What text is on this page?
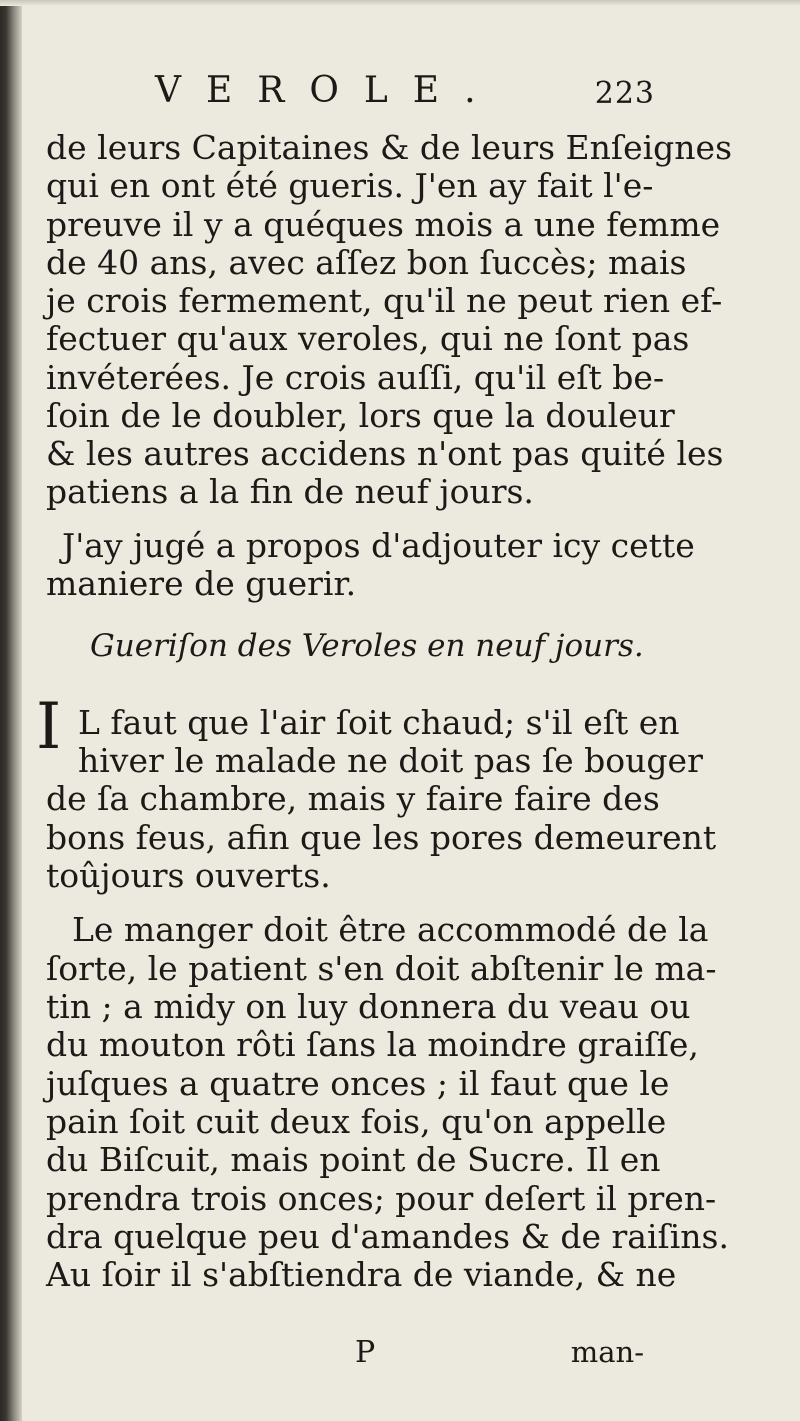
VEROLE.	223
de leurs Capitaines & de leurs Enſeignes
qui en ont été gueris. J'en ay fait l'e-
preuve il y a quéques mois a une femme
de 40 ans, avec aſſez bon ſuccès; mais
je crois fermement, qu'il ne peut rien ef-
fectuer qu'aux veroles, qui ne ſont pas
invéterées. Je crois auſſi, qu'il eſt be-
ſoin de le doubler, lors que la douleur
& les autres accidens n'ont pas quité les
patiens a la fin de neuf jours.
J'ay jugé a propos d'adjouter icy cette
maniere de guerir.
Gueriſon des Veroles en neuf jours.
I L faut que l'air ſoit chaud; s'il eſt en
hiver le malade ne doit pas ſe bouger
de ſa chambre, mais y faire faire des
bons feus, afin que les pores demeurent
toûjours ouverts.
Le manger doit être accommodé de la
ſorte, le patient s'en doit abſtenir le ma-
tin ; a midy on luy donnera du veau ou
du mouton rôti ſans la moindre graiſſe,
juſques a quatre onces ; il faut que le
pain ſoit cuit deux fois, qu'on appelle
du Biſcuit, mais point de Sucre. Il en
prendra trois onces; pour deſert il pren-
dra quelque peu d'amandes & de raiſins.
Au ſoir il s'abſtiendra de viande, & ne
P	man-
